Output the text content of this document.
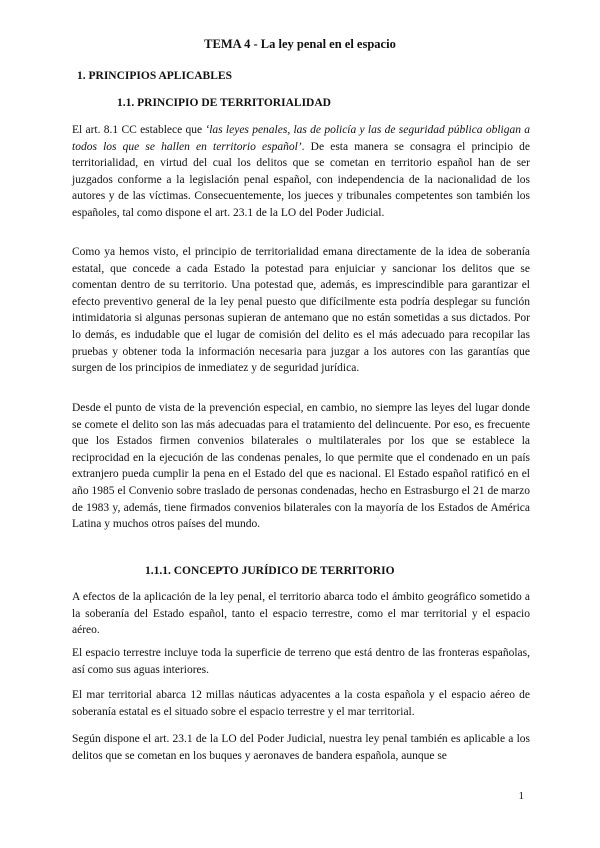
TEMA 4 - La ley penal en el espacio
1. PRINCIPIOS APLICABLES
1.1. PRINCIPIO DE TERRITORIALIDAD

El art. 8.1 CC establece que ‘las leyes penales, las de policía y las de seguridad pública obligan a todos los que se hallen en territorio español’. De esta manera se consagra el principio de territorialidad, en virtud del cual los delitos que se cometan en territorio español han de ser juzgados conforme a la legislación penal español, con independencia de la nacionalidad de los autores y de las víctimas. Consecuentemente, los jueces y tribunales competentes son también los españoles, tal como dispone el art. 23.1 de la LO del Poder Judicial.

Como ya hemos visto, el principio de territorialidad emana directamente de la idea de soberanía estatal, que concede a cada Estado la potestad para enjuiciar y sancionar los delitos que se comentan dentro de su territorio. Una potestad que, además, es imprescindible para garantizar el efecto preventivo general de la ley penal puesto que difícilmente esta podría desplegar su función intimidatoria si algunas personas supieran de antemano que no están sometidas a sus dictados. Por lo demás, es indudable que el lugar de comisión del delito es el más adecuado para recopilar las pruebas y obtener toda la información necesaria para juzgar a los autores con las garantías que surgen de los principios de inmediatez y de seguridad jurídica.

Desde el punto de vista de la prevención especial, en cambio, no siempre las leyes del lugar donde se comete el delito son las más adecuadas para el tratamiento del delincuente. Por eso, es frecuente que los Estados firmen convenios bilaterales o multilaterales por los que se establece la reciprocidad en la ejecución de las condenas penales, lo que permite que el condenado en un país extranjero pueda cumplir la pena en el Estado del que es nacional. El Estado español ratificó en el año 1985 el Convenio sobre traslado de personas condenadas, hecho en Estrasburgo el 21 de marzo de 1983 y, además, tiene firmados convenios bilaterales con la mayoría de los Estados de América Latina y muchos otros países del mundo.

1.1.1. CONCEPTO JURÍDICO DE TERRITORIO

A efectos de la aplicación de la ley penal, el territorio abarca todo el ámbito geográfico sometido a la soberanía del Estado español, tanto el espacio terrestre, como el mar territorial y el espacio aéreo.

El espacio terrestre incluye toda la superficie de terreno que está dentro de las fronteras españolas, así como sus aguas interiores.

El mar territorial abarca 12 millas náuticas adyacentes a la costa española y el espacio aéreo de soberanía estatal es el situado sobre el espacio terrestre y el mar territorial.

Según dispone el art. 23.1 de la LO del Poder Judicial, nuestra ley penal también es aplicable a los delitos que se cometan en los buques y aeronaves de bandera española, aunque se

1
